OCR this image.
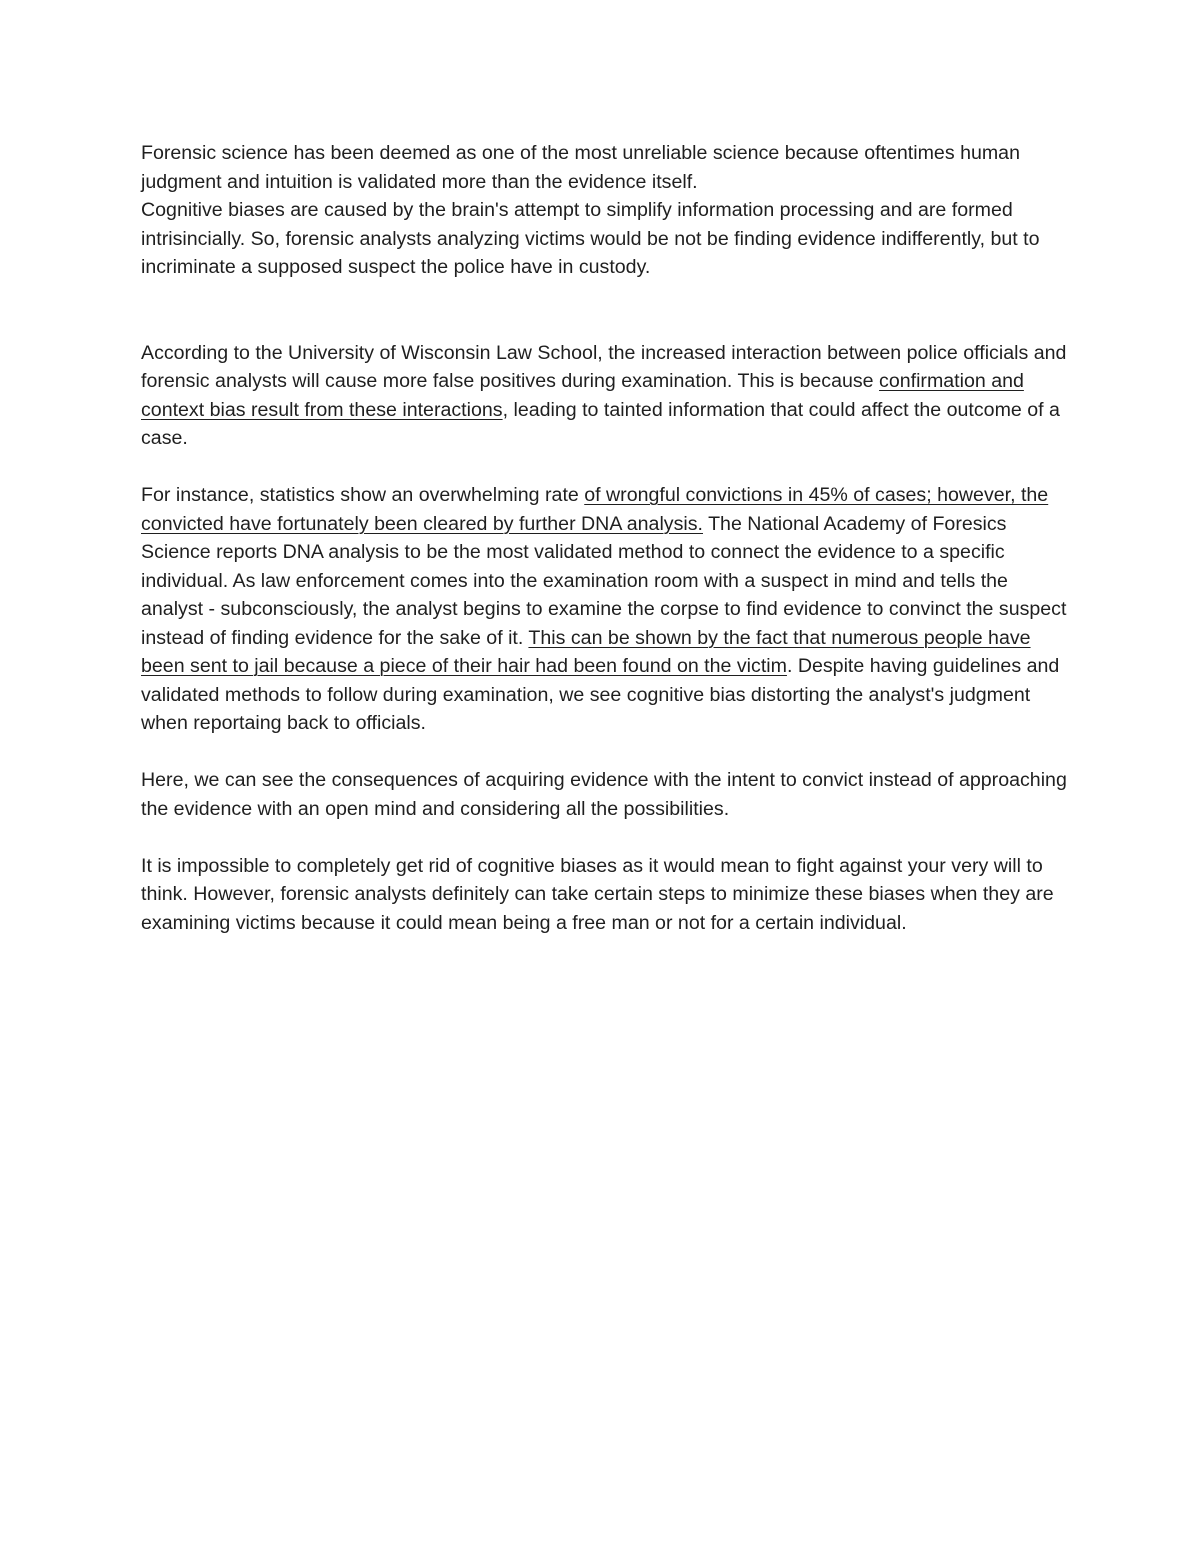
Forensic science has been deemed as one of the most unreliable science because oftentimes human judgment and intuition is validated more than the evidence itself.

Cognitive biases are caused by the brain's attempt to simplify information processing and are formed intrisincially. So, forensic analysts analyzing victims would be not be finding evidence indifferently, but to incriminate a supposed suspect the police have in custody.

According to the University of Wisconsin Law School, the increased interaction between police officials and forensic analysts will cause more false positives during examination. This is because confirmation and context bias result from these interactions, leading to tainted information that could affect the outcome of a case.

For instance, statistics show an overwhelming rate of wrongful convictions in 45% of cases; however, the convicted have fortunately been cleared by further DNA analysis. The National Academy of Foresics Science reports DNA analysis to be the most validated method to connect the evidence to a specific individual. As law enforcement comes into the examination room with a suspect in mind and tells the analyst - subconsciously, the analyst begins to examine the corpse to find evidence to convinct the suspect instead of finding evidence for the sake of it. This can be shown by the fact that numerous people have been sent to jail because a piece of their hair had been found on the victim. Despite having guidelines and validated methods to follow during examination, we see cognitive bias distorting the analyst's judgment when reportaing back to officials.

Here, we can see the consequences of acquiring evidence with the intent to convict instead of approaching the evidence with an open mind and considering all the possibilities.

It is impossible to completely get rid of cognitive biases as it would mean to fight against your very will to think. However, forensic analysts definitely can take certain steps to minimize these biases when they are examining victims because it could mean being a free man or not for a certain individual.
